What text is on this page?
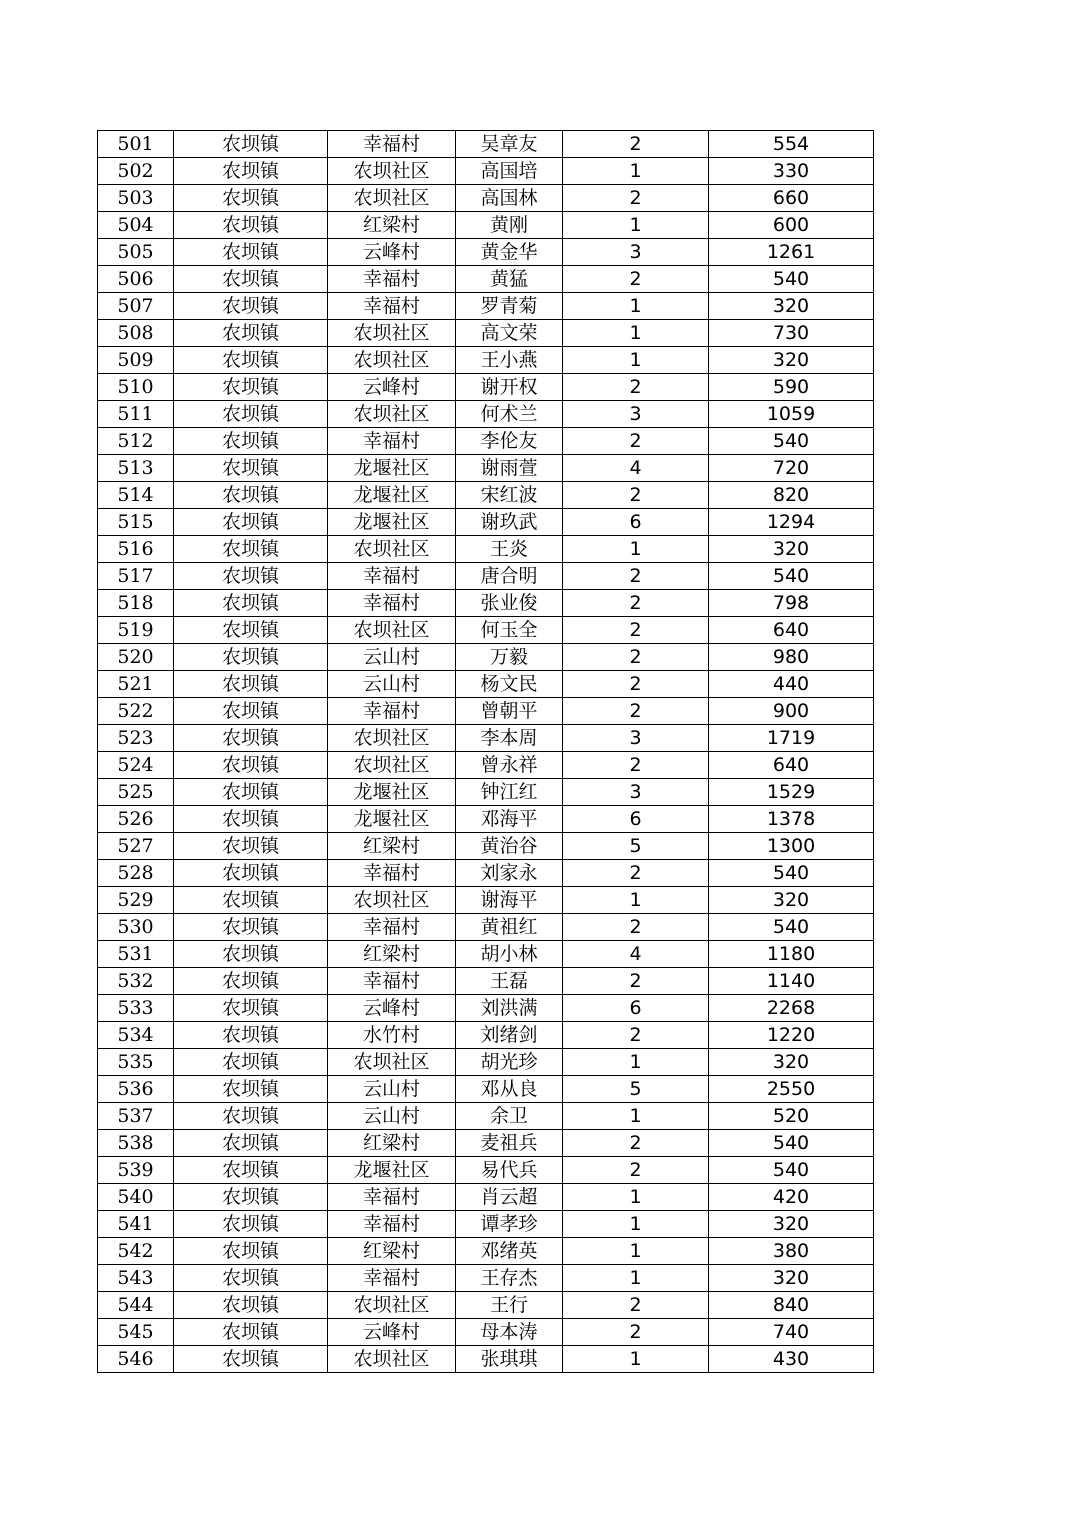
501	农坝镇	幸福村	吴章友	2	554
502	农坝镇	农坝社区	高国培	1	330
503	农坝镇	农坝社区	高国林	2	660
504	农坝镇	红梁村	黄刚	1	600
505	农坝镇	云峰村	黄金华	3	1261
506	农坝镇	幸福村	黄猛	2	540
507	农坝镇	幸福村	罗青菊	1	320
508	农坝镇	农坝社区	高文荣	1	730
509	农坝镇	农坝社区	王小燕	1	320
510	农坝镇	云峰村	谢开权	2	590
511	农坝镇	农坝社区	何术兰	3	1059
512	农坝镇	幸福村	李伦友	2	540
513	农坝镇	龙堰社区	谢雨萱	4	720
514	农坝镇	龙堰社区	宋红波	2	820
515	农坝镇	龙堰社区	谢玖武	6	1294
516	农坝镇	农坝社区	王炎	1	320
517	农坝镇	幸福村	唐合明	2	540
518	农坝镇	幸福村	张业俊	2	798
519	农坝镇	农坝社区	何玉全	2	640
520	农坝镇	云山村	万毅	2	980
521	农坝镇	云山村	杨文民	2	440
522	农坝镇	幸福村	曾朝平	2	900
523	农坝镇	农坝社区	李本周	3	1719
524	农坝镇	农坝社区	曾永祥	2	640
525	农坝镇	龙堰社区	钟江红	3	1529
526	农坝镇	龙堰社区	邓海平	6	1378
527	农坝镇	红梁村	黄治谷	5	1300
528	农坝镇	幸福村	刘家永	2	540
529	农坝镇	农坝社区	谢海平	1	320
530	农坝镇	幸福村	黄祖红	2	540
531	农坝镇	红梁村	胡小林	4	1180
532	农坝镇	幸福村	王磊	2	1140
533	农坝镇	云峰村	刘洪满	6	2268
534	农坝镇	水竹村	刘绪剑	2	1220
535	农坝镇	农坝社区	胡光珍	1	320
536	农坝镇	云山村	邓从良	5	2550
537	农坝镇	云山村	余卫	1	520
538	农坝镇	红梁村	麦祖兵	2	540
539	农坝镇	龙堰社区	易代兵	2	540
540	农坝镇	幸福村	肖云超	1	420
541	农坝镇	幸福村	谭孝珍	1	320
542	农坝镇	红梁村	邓绪英	1	380
543	农坝镇	幸福村	王存杰	1	320
544	农坝镇	农坝社区	王行	2	840
545	农坝镇	云峰村	母本涛	2	740
546	农坝镇	农坝社区	张琪琪	1	430
